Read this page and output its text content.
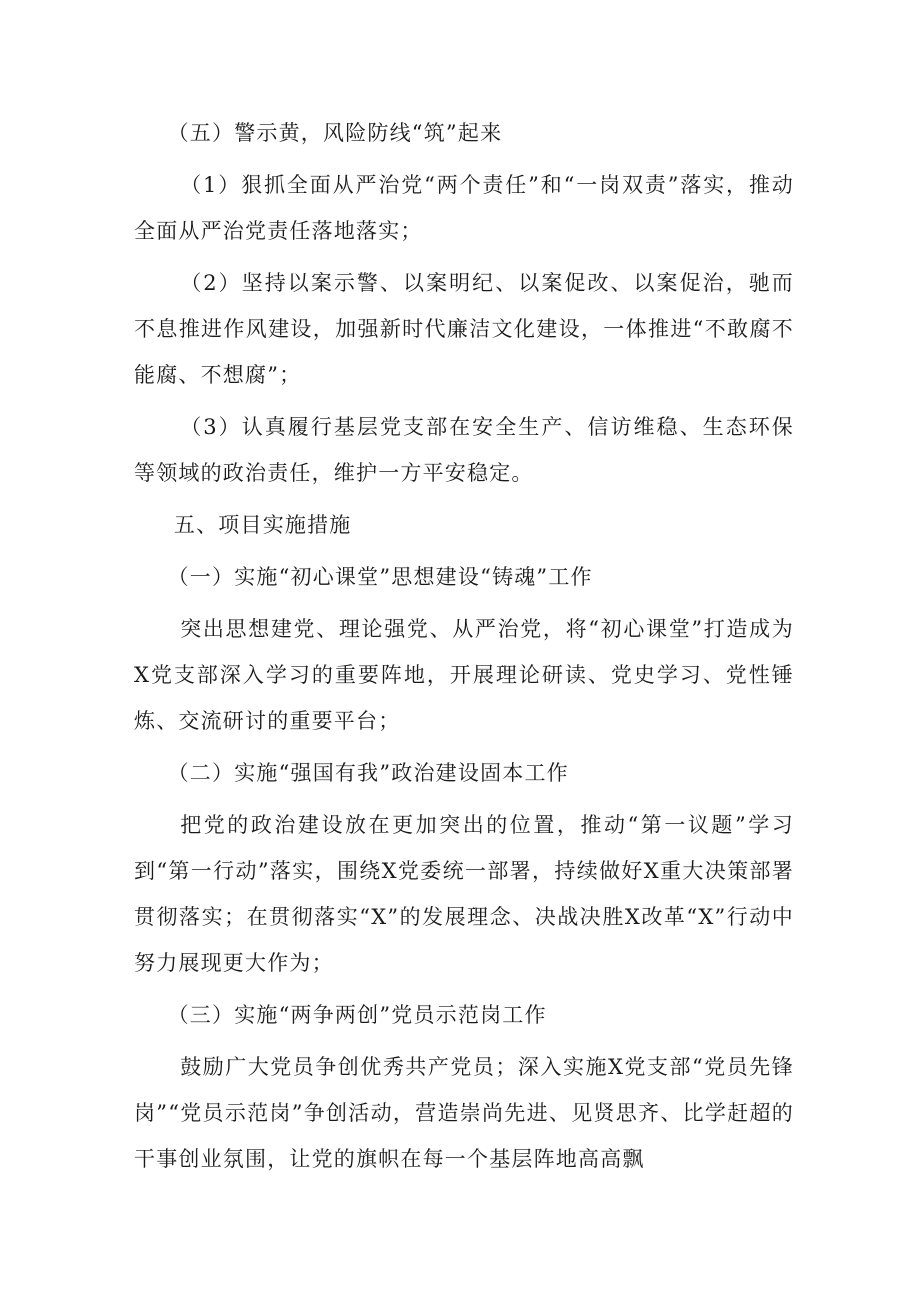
（五）警示黄，风险防线“筑”起来

（1）狠抓全面从严治党“两个责任”和“一岗双责”落实，推动全面从严治党责任落地落实；

（2）坚持以案示警、以案明纪、以案促改、以案促治，驰而不息推进作风建设，加强新时代廉洁文化建设，一体推进“不敢腐不能腐、不想腐”；

（3）认真履行基层党支部在安全生产、信访维稳、生态环保等领域的政治责任，维护一方平安稳定。

五、项目实施措施

（一）实施“初心课堂”思想建设“铸魂”工作

突出思想建党、理论强党、从严治党，将“初心课堂”打造成为X党支部深入学习的重要阵地，开展理论研读、党史学习、党性锤炼、交流研讨的重要平台；

（二）实施“强国有我”政治建设固本工作

把党的政治建设放在更加突出的位置，推动“第一议题”学习到“第一行动”落实，围绕X党委统一部署，持续做好X重大决策部署贯彻落实；在贯彻落实“X”的发展理念、决战决胜X改革“X”行动中努力展现更大作为；

（三）实施“两争两创”党员示范岗工作

鼓励广大党员争创优秀共产党员；深入实施X党支部“党员先锋岗”“党员示范岗”争创活动，营造崇尚先进、见贤思齐、比学赶超的干事创业氛围，让党的旗帜在每一个基层阵地高高飘
